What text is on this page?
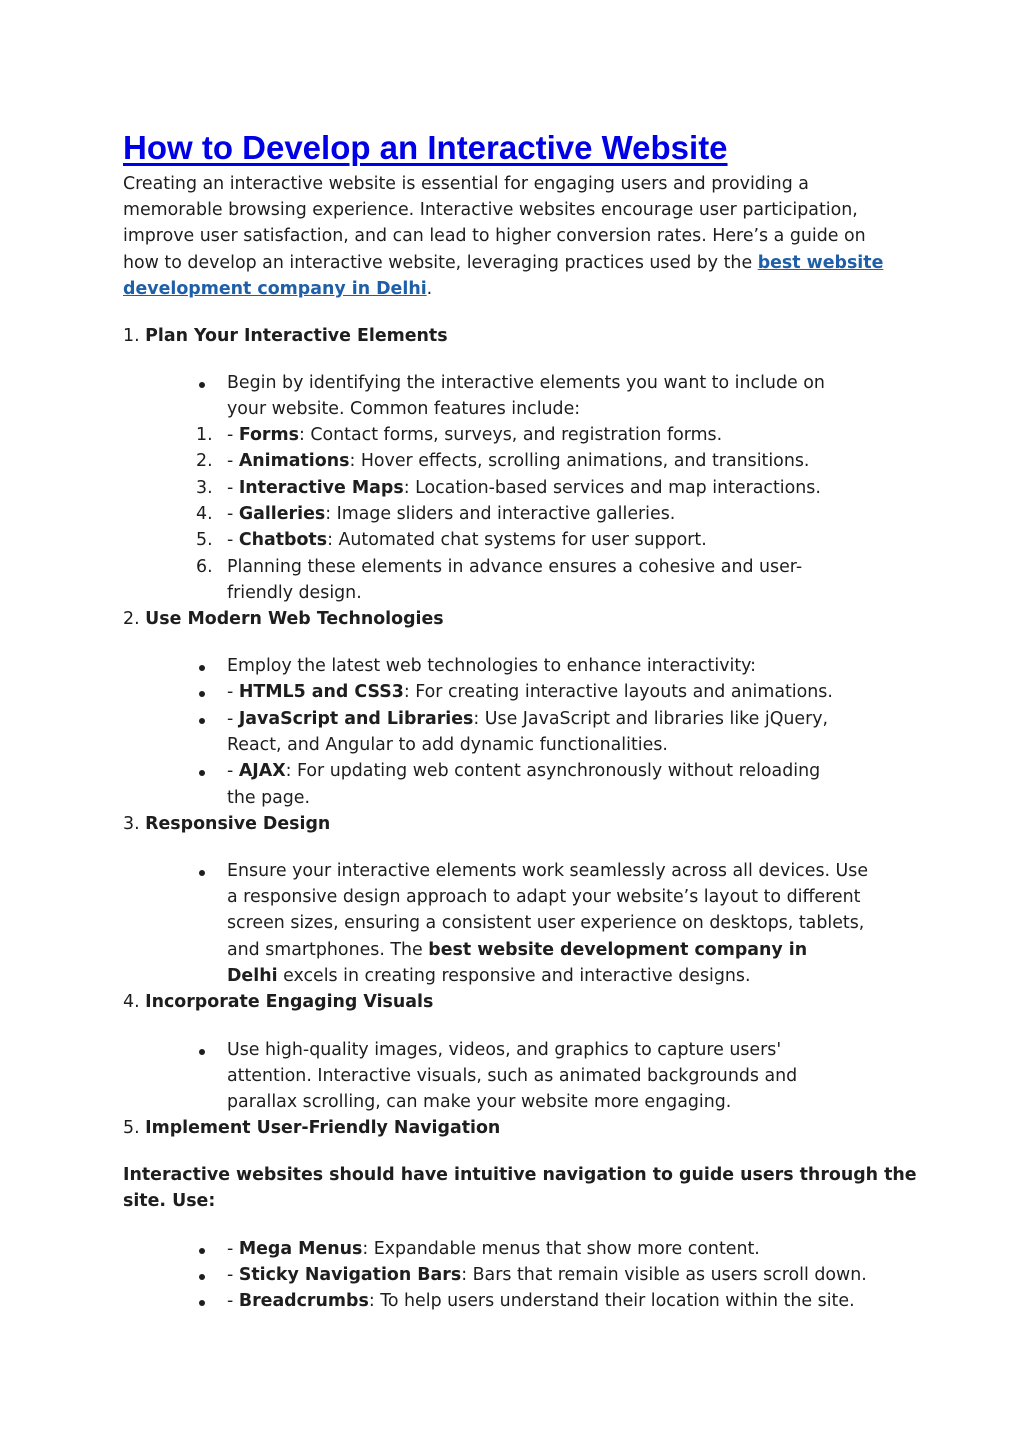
How to Develop an Interactive Website

Creating an interactive website is essential for engaging users and providing a

memorable browsing experience. Interactive websites encourage user participation,

improve user satisfaction, and can lead to higher conversion rates. Here’s a guide on

how to develop an interactive website, leveraging practices used by the best website

development company in Delhi.

1. Plan Your Interactive Elements

Begin by identifying the interactive elements you want to include on

your website. Common features include:

1. - Forms: Contact forms, surveys, and registration forms.

2. - Animations: Hover effects, scrolling animations, and transitions.

3. - Interactive Maps: Location-based services and map interactions.

4. - Galleries: Image sliders and interactive galleries.

5. - Chatbots: Automated chat systems for user support.

6. Planning these elements in advance ensures a cohesive and user-

friendly design.

2. Use Modern Web Technologies

Employ the latest web technologies to enhance interactivity:

- HTML5 and CSS3: For creating interactive layouts and animations.

- JavaScript and Libraries: Use JavaScript and libraries like jQuery,

React, and Angular to add dynamic functionalities.

- AJAX: For updating web content asynchronously without reloading

the page.

3. Responsive Design

Ensure your interactive elements work seamlessly across all devices. Use

a responsive design approach to adapt your website’s layout to different

screen sizes, ensuring a consistent user experience on desktops, tablets,

and smartphones. The best website development company in

Delhi excels in creating responsive and interactive designs.

4. Incorporate Engaging Visuals

Use high-quality images, videos, and graphics to capture users'

attention. Interactive visuals, such as animated backgrounds and

parallax scrolling, can make your website more engaging.

5. Implement User-Friendly Navigation

Interactive websites should have intuitive navigation to guide users through the

site. Use:

- Mega Menus: Expandable menus that show more content.

- Sticky Navigation Bars: Bars that remain visible as users scroll down.

- Breadcrumbs: To help users understand their location within the site.
